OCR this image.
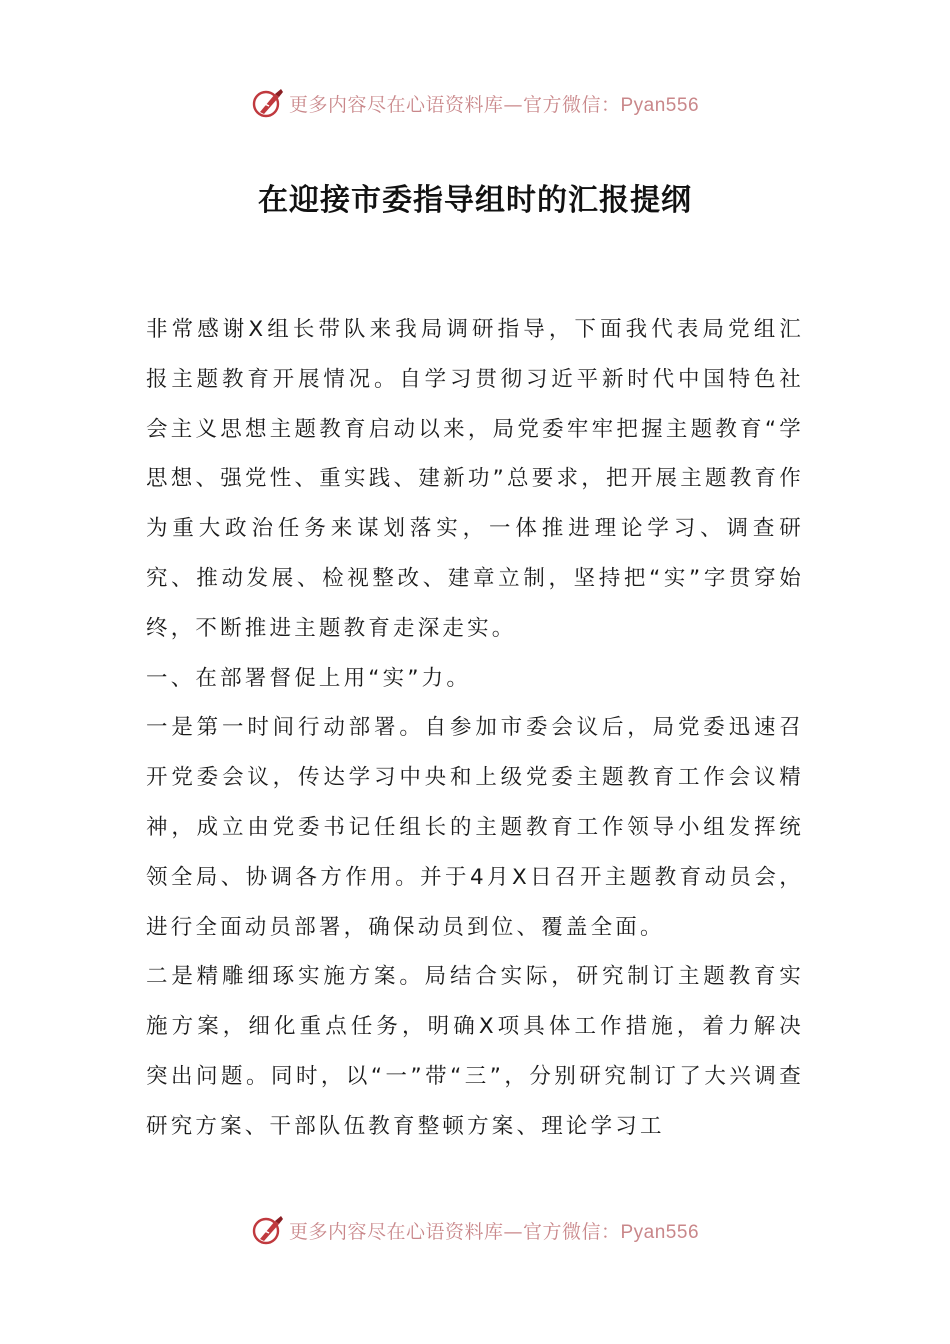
更多内容尽在心语资料库—官方微信：Pyan556
在迎接市委指导组时的汇报提纲

非常感谢X组长带队来我局调研指导，下面我代表局党组汇报主题教育开展情况。自学习贯彻习近平新时代中国特色社会主义思想主题教育启动以来，局党委牢牢把握主题教育“学思想、强党性、重实践、建新功”总要求，把开展主题教育作为重大政治任务来谋划落实，一体推进理论学习、调查研究、推动发展、检视整改、建章立制，坚持把“实”字贯穿始终，不断推进主题教育走深走实。

一、在部署督促上用“实”力。

一是第一时间行动部署。自参加市委会议后，局党委迅速召开党委会议，传达学习中央和上级党委主题教育工作会议精神，成立由党委书记任组长的主题教育工作领导小组发挥统领全局、协调各方作用。并于4月X日召开主题教育动员会，进行全面动员部署，确保动员到位、覆盖全面。

二是精雕细琢实施方案。局结合实际，研究制订主题教育实施方案，细化重点任务，明确X项具体工作措施，着力解决突出问题。同时，以“一”带“三”，分别研究制订了大兴调查研究方案、干部队伍教育整顿方案、理论学习工

更多内容尽在心语资料库—官方微信：Pyan556
